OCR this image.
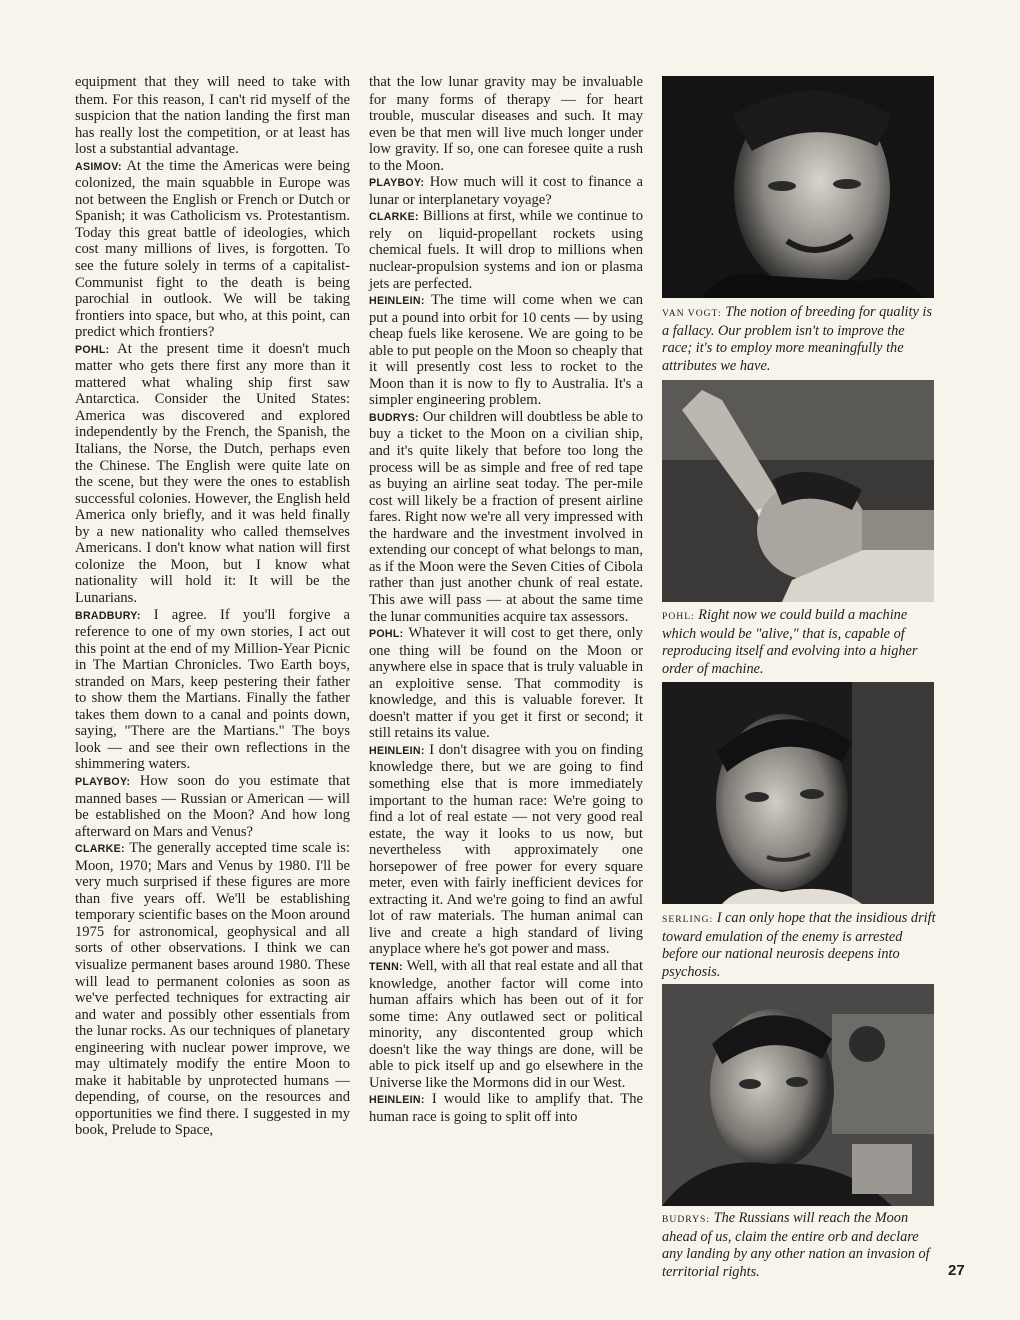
equipment that they will need to take with them. For this reason, I can't rid myself of the suspicion that the nation landing the first man has really lost the competition, or at least has lost a substantial advantage.

ASIMOV: At the time the Americas were being colonized, the main squabble in Europe was not between the English or French or Dutch or Spanish; it was Catholicism vs. Protestantism. Today this great battle of ideologies, which cost many millions of lives, is forgotten. To see the future solely in terms of a capitalist-Communist fight to the death is being parochial in outlook. We will be taking frontiers into space, but who, at this point, can predict which frontiers?

POHL: At the present time it doesn't much matter who gets there first any more than it mattered what whaling ship first saw Antarctica. Consider the United States: America was discovered and explored independently by the French, the Spanish, the Italians, the Norse, the Dutch, perhaps even the Chinese. The English were quite late on the scene, but they were the ones to establish successful colonies. However, the English held America only briefly, and it was held finally by a new nationality who called themselves Americans. I don't know what nation will first colonize the Moon, but I know what nationality will hold it: It will be the Lunarians.

BRADBURY: I agree. If you'll forgive a reference to one of my own stories, I act out this point at the end of my Million-Year Picnic in The Martian Chronicles. Two Earth boys, stranded on Mars, keep pestering their father to show them the Martians. Finally the father takes them down to a canal and points down, saying, "There are the Martians." The boys look — and see their own reflections in the shimmering waters.

PLAYBOY: How soon do you estimate that manned bases — Russian or American — will be established on the Moon? And how long afterward on Mars and Venus?

CLARKE: The generally accepted time scale is: Moon, 1970; Mars and Venus by 1980. I'll be very much surprised if these figures are more than five years off. We'll be establishing temporary scientific bases on the Moon around 1975 for astronomical, geophysical and all sorts of other observations. I think we can visualize permanent bases around 1980. These will lead to permanent colonies as soon as we've perfected techniques for extracting air and water and possibly other essentials from the lunar rocks. As our techniques of planetary engineering with nuclear power improve, we may ultimately modify the entire Moon to make it habitable by unprotected humans — depending, of course, on the resources and opportunities we find there. I suggested in my book, Prelude to Space,

that the low lunar gravity may be invaluable for many forms of therapy — for heart trouble, muscular diseases and such. It may even be that men will live much longer under low gravity. If so, one can foresee quite a rush to the Moon.

PLAYBOY: How much will it cost to finance a lunar or interplanetary voyage?

CLARKE: Billions at first, while we continue to rely on liquid-propellant rockets using chemical fuels. It will drop to millions when nuclear-propulsion systems and ion or plasma jets are perfected.

HEINLEIN: The time will come when we can put a pound into orbit for 10 cents — by using cheap fuels like kerosene. We are going to be able to put people on the Moon so cheaply that it will presently cost less to rocket to the Moon than it is now to fly to Australia. It's a simpler engineering problem.

BUDRYS: Our children will doubtless be able to buy a ticket to the Moon on a civilian ship, and it's quite likely that before too long the process will be as simple and free of red tape as buying an airline seat today. The per-mile cost will likely be a fraction of present airline fares. Right now we're all very impressed with the hardware and the investment involved in extending our concept of what belongs to man, as if the Moon were the Seven Cities of Cibola rather than just another chunk of real estate. This awe will pass — at about the same time the lunar communities acquire tax assessors.

POHL: Whatever it will cost to get there, only one thing will be found on the Moon or anywhere else in space that is truly valuable in an exploitive sense. That commodity is knowledge, and this is valuable forever. It doesn't matter if you get it first or second; it still retains its value.

HEINLEIN: I don't disagree with you on finding knowledge there, but we are going to find something else that is more immediately important to the human race: We're going to find a lot of real estate — not very good real estate, the way it looks to us now, but nevertheless with approximately one horsepower of free power for every square meter, even with fairly inefficient devices for extracting it. And we're going to find an awful lot of raw materials. The human animal can live and create a high standard of living anyplace where he's got power and mass.

TENN: Well, with all that real estate and all that knowledge, another factor will come into human affairs which has been out of it for some time: Any outlawed sect or political minority, any discontented group which doesn't like the way things are done, will be able to pick itself up and go elsewhere in the Universe like the Mormons did in our West.

HEINLEIN: I would like to amplify that. The human race is going to split off into

VAN VOGT: The notion of breeding for quality is a fallacy. Our problem isn't to improve the race; it's to employ more meaningfully the attributes we have.
POHL: Right now we could build a machine which would be "alive," that is, capable of reproducing itself and evolving into a higher order of machine.
SERLING: I can only hope that the insidious drift toward emulation of the enemy is arrested before our national neurosis deepens into psychosis.
BUDRYS: The Russians will reach the Moon ahead of us, claim the entire orb and declare any landing by any other nation an invasion of territorial rights.	27
